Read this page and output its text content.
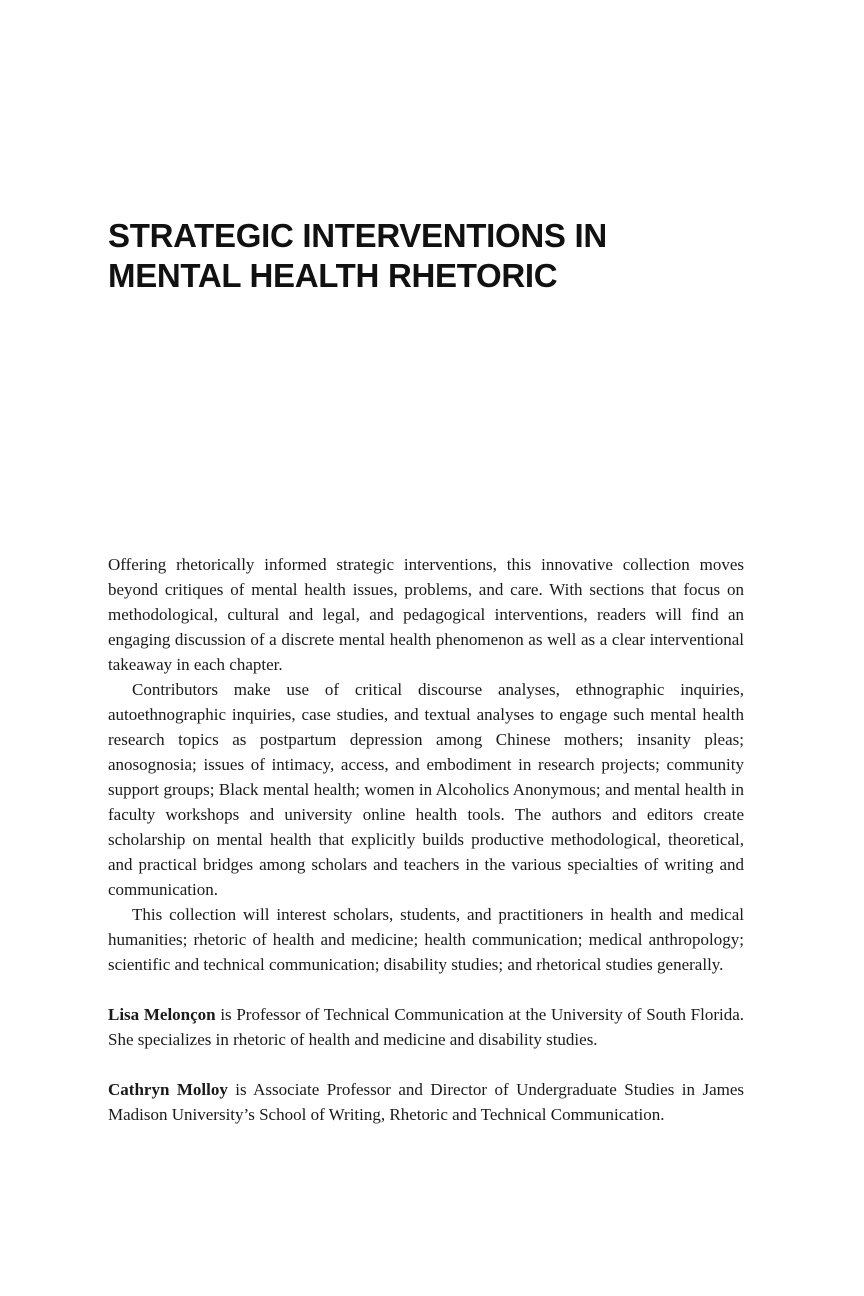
STRATEGIC INTERVENTIONS IN
MENTAL HEALTH RHETORIC

Offering rhetorically informed strategic interventions, this innovative collection moves beyond critiques of mental health issues, problems, and care. With sections that focus on methodological, cultural and legal, and pedagogical interventions, readers will find an engaging discussion of a discrete mental health phenomenon as well as a clear interventional takeaway in each chapter.

Contributors make use of critical discourse analyses, ethnographic inquiries, autoethnographic inquiries, case studies, and textual analyses to engage such mental health research topics as postpartum depression among Chinese mothers; insanity pleas; anosognosia; issues of intimacy, access, and embodiment in research projects; community support groups; Black mental health; women in Alcoholics Anonymous; and mental health in faculty workshops and university online health tools. The authors and editors create scholarship on mental health that explicitly builds productive methodological, theoretical, and practical bridges among scholars and teachers in the various specialties of writing and communication.

This collection will interest scholars, students, and practitioners in health and medical humanities; rhetoric of health and medicine; health communication; medical anthropology; scientific and technical communication; disability studies; and rhetorical studies generally.

Lisa Melonçon is Professor of Technical Communication at the University of South Florida. She specializes in rhetoric of health and medicine and disability studies.

Cathryn Molloy is Associate Professor and Director of Undergraduate Studies in James Madison University’s School of Writing, Rhetoric and Technical Communication.
